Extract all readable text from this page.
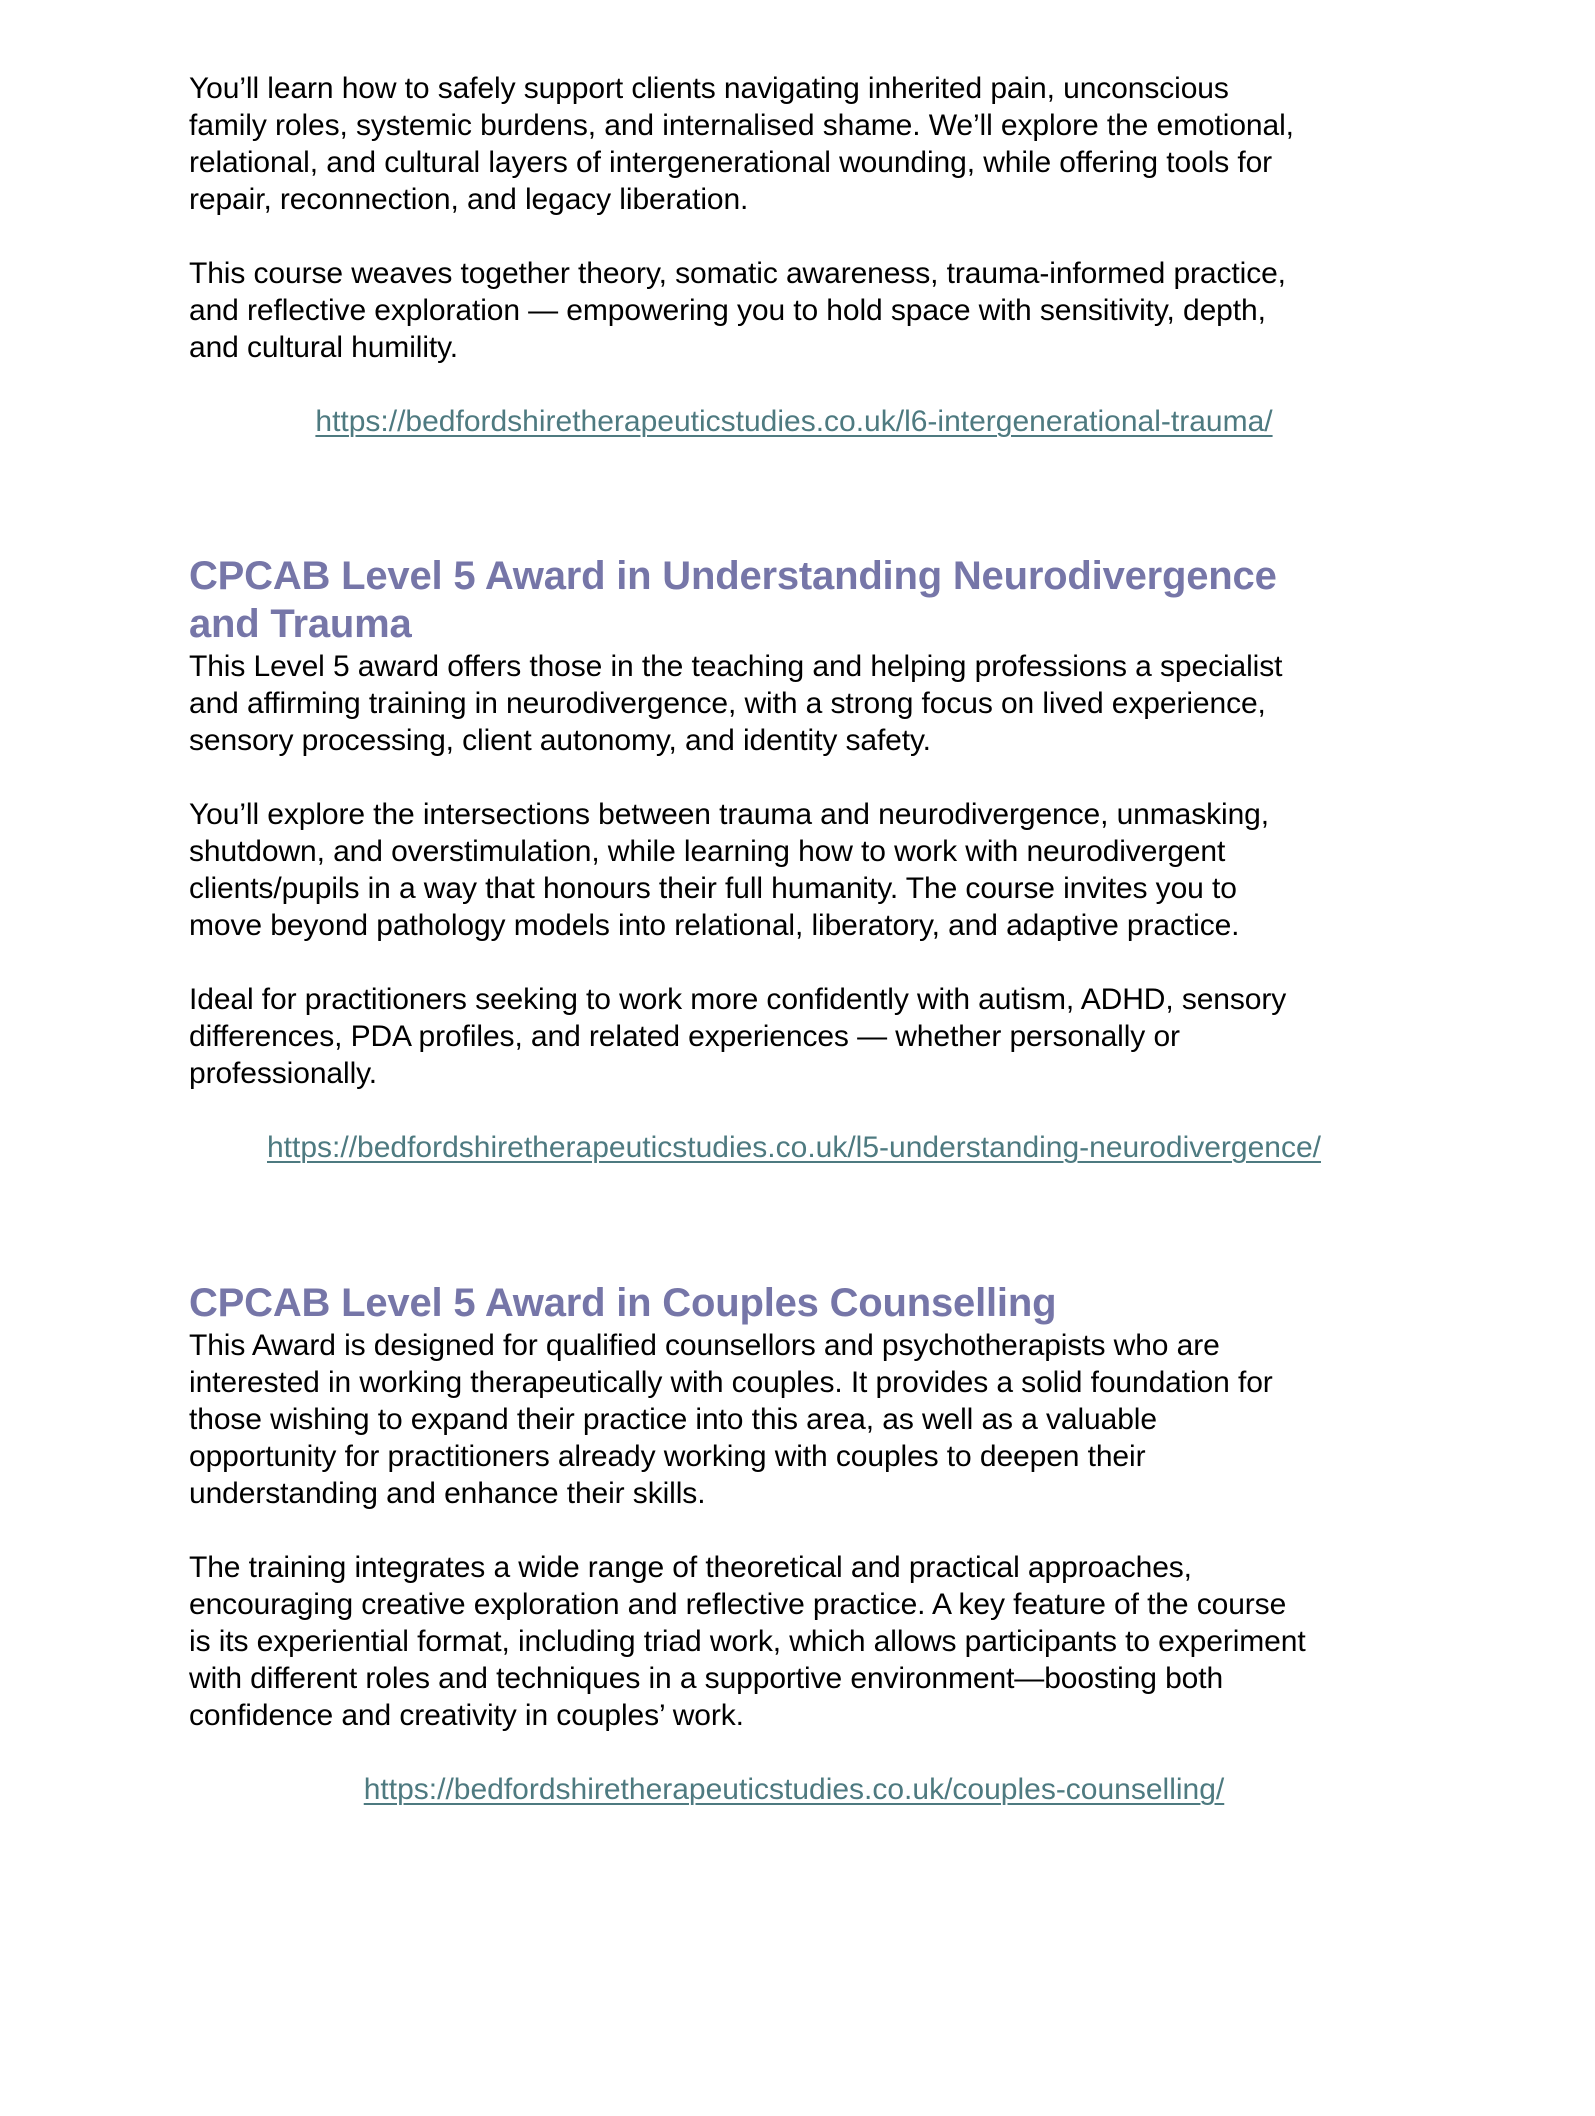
You’ll learn how to safely support clients navigating inherited pain, unconscious
family roles, systemic burdens, and internalised shame. We’ll explore the emotional,
relational, and cultural layers of intergenerational wounding, while offering tools for
repair, reconnection, and legacy liberation.

This course weaves together theory, somatic awareness, trauma-informed practice,
and reflective exploration — empowering you to hold space with sensitivity, depth,
and cultural humility.

https://bedfordshiretherapeuticstudies.co.uk/l6-intergenerational-trauma/

CPCAB Level 5 Award in Understanding Neurodivergence
and Trauma

This Level 5 award offers those in the teaching and helping professions a specialist
and affirming training in neurodivergence, with a strong focus on lived experience,
sensory processing, client autonomy, and identity safety.

You’ll explore the intersections between trauma and neurodivergence, unmasking,
shutdown, and overstimulation, while learning how to work with neurodivergent
clients/pupils in a way that honours their full humanity. The course invites you to
move beyond pathology models into relational, liberatory, and adaptive practice.

Ideal for practitioners seeking to work more confidently with autism, ADHD, sensory
differences, PDA profiles, and related experiences — whether personally or
professionally.

https://bedfordshiretherapeuticstudies.co.uk/l5-understanding-neurodivergence/

CPCAB Level 5 Award in Couples Counselling

This Award is designed for qualified counsellors and psychotherapists who are
interested in working therapeutically with couples. It provides a solid foundation for
those wishing to expand their practice into this area, as well as a valuable
opportunity for practitioners already working with couples to deepen their
understanding and enhance their skills.

The training integrates a wide range of theoretical and practical approaches,
encouraging creative exploration and reflective practice. A key feature of the course
is its experiential format, including triad work, which allows participants to experiment
with different roles and techniques in a supportive environment—boosting both
confidence and creativity in couples’ work.

https://bedfordshiretherapeuticstudies.co.uk/couples-counselling/
